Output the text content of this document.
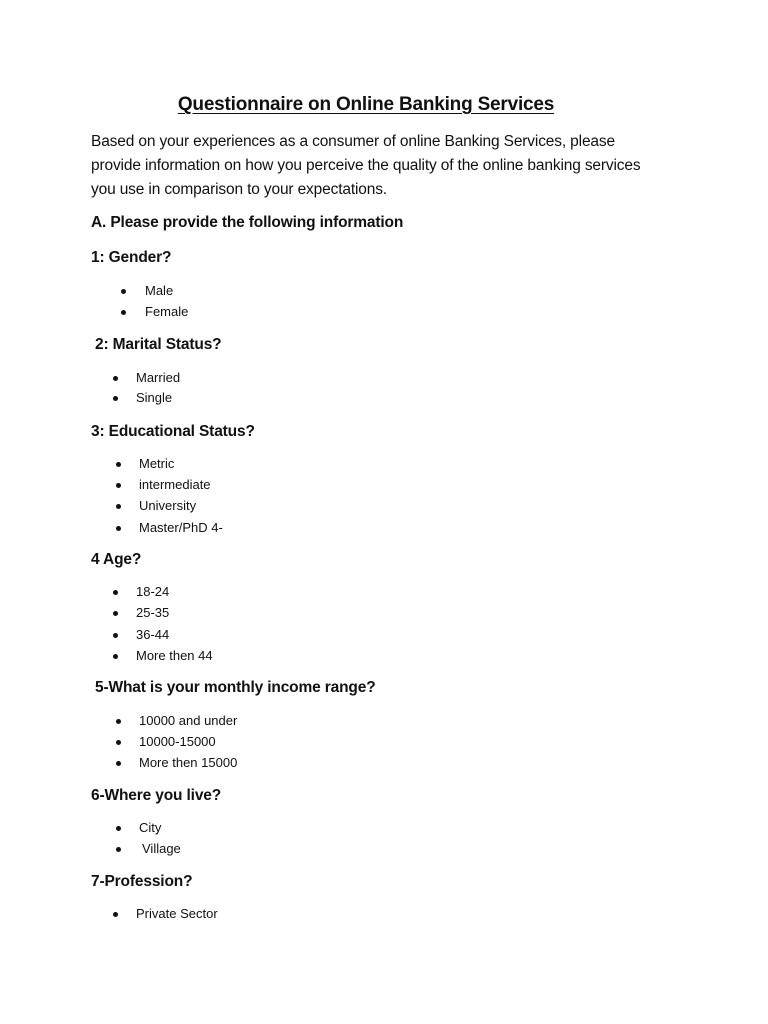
Questionnaire on Online Banking Services
Based on your experiences as a consumer of online Banking Services, please provide information on how you perceive the quality of the online banking services you use in comparison to your expectations.
A. Please provide the following information
1: Gender?
Male
Female
2: Marital Status?
Married
Single
3: Educational Status?
Metric
intermediate
University
Master/PhD 4-
4 Age?
18-24
25-35
36-44
More then 44
5-What is your monthly income range?
10000 and under
10000-15000
More then 15000
6-Where you live?
City
Village
7-Profession?
Private Sector
